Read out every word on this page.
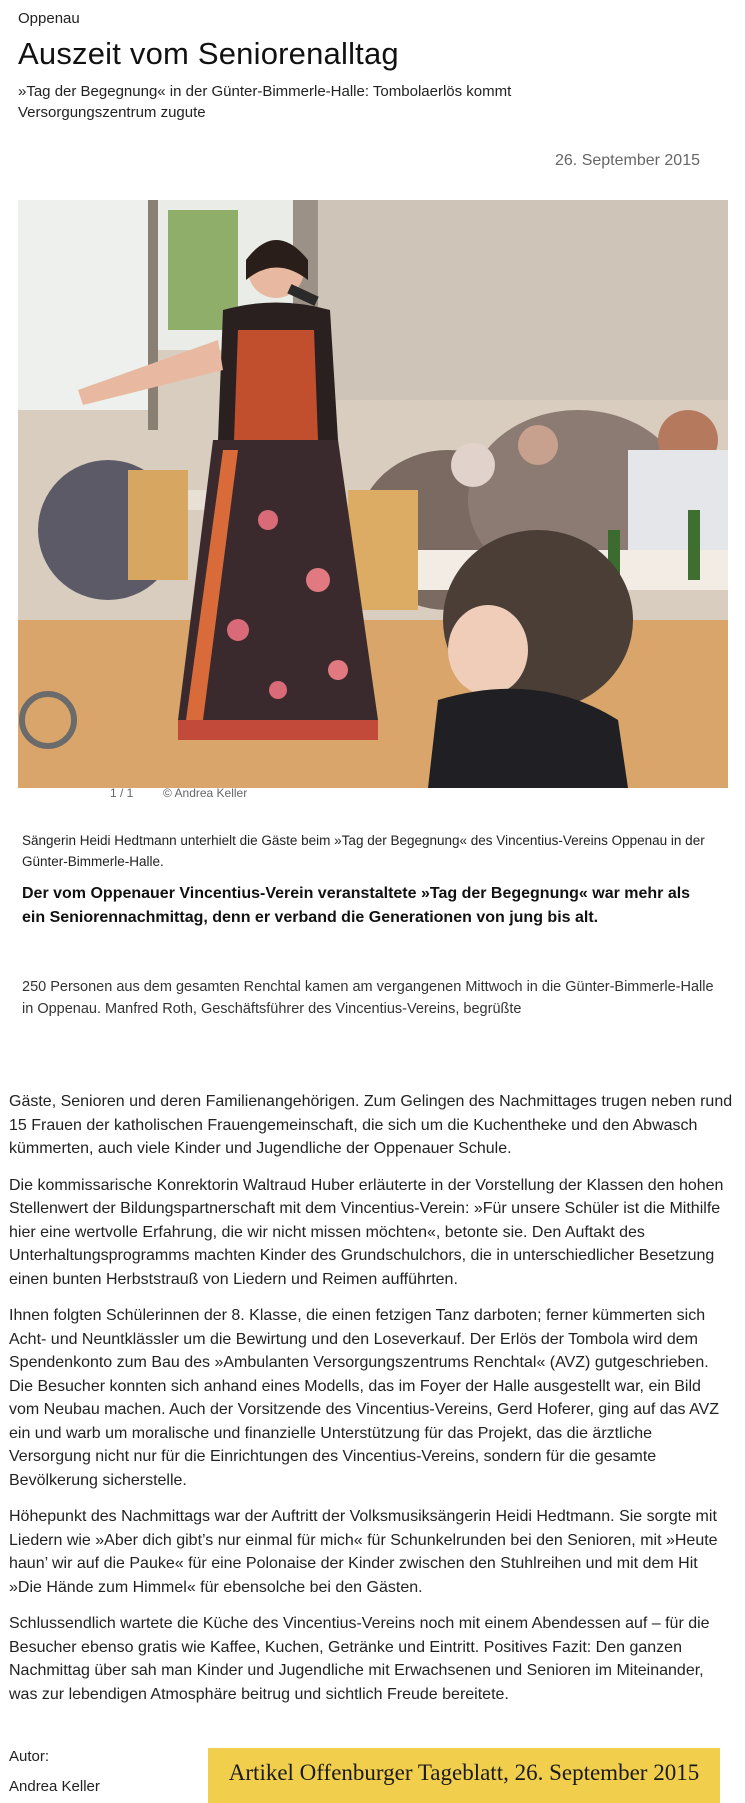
Oppenau
Auszeit vom Seniorenalltag
»Tag der Begegnung« in der Günter-Bimmerle-Halle: Tombolaerlös kommt Versorgungszentrum zugute
26. September 2015
1 / 1 © Andrea Keller
Sängerin Heidi Hedtmann unterhielt die Gäste beim »Tag der Begegnung« des Vincentius-Vereins Oppenau in der Günter-Bimmerle-Halle.
Der vom Oppenauer Vincentius-Verein veranstaltete »Tag der Begegnung« war mehr als ein Seniorennachmittag, denn er verband die Generationen von jung bis alt.
250 Personen aus dem gesamten Renchtal kamen am vergangenen Mittwoch in die Günter-Bimmerle-Halle in Oppenau. Manfred Roth, Geschäftsführer des Vincentius-Vereins, begrüßte

Gäste, Senioren und deren Familienangehörigen. Zum Gelingen des Nachmittages trugen neben rund 15 Frauen der katholischen Frauengemeinschaft, die sich um die Kuchentheke und den Abwasch kümmerten, auch viele Kinder und Jugendliche der Oppenauer Schule.

Die kommissarische Konrektorin Waltraud Huber erläuterte in der Vorstellung der Klassen den hohen Stellenwert der Bildungspartnerschaft mit dem Vincentius-Verein: »Für unsere Schüler ist die Mithilfe hier eine wertvolle Erfahrung, die wir nicht missen möchten«, betonte sie. Den Auftakt des Unterhaltungsprogramms machten Kinder des Grundschulchors, die in unterschiedlicher Besetzung einen bunten Herbststrauß von Liedern und Reimen aufführten.

Ihnen folgten Schülerinnen der 8. Klasse, die einen fetzigen Tanz darboten; ferner kümmerten sich Acht- und Neuntklässler um die Bewirtung und den Loseverkauf. Der Erlös der Tombola wird dem Spendenkonto zum Bau des »Ambulanten Versorgungszentrums Renchtal« (AVZ) gutgeschrieben. Die Besucher konnten sich anhand eines Modells, das im Foyer der Halle ausgestellt war, ein Bild vom Neubau machen. Auch der Vorsitzende des Vincentius-Vereins, Gerd Hoferer, ging auf das AVZ ein und warb um moralische und finanzielle Unterstützung für das Projekt, das die ärztliche Versorgung nicht nur für die Einrichtungen des Vincentius-Vereins, sondern für die gesamte Bevölkerung sicherstelle.

Höhepunkt des Nachmittags war der Auftritt der Volksmusiksängerin Heidi Hedtmann. Sie sorgte mit Liedern wie »Aber dich gibt’s nur einmal für mich« für Schunkelrunden bei den Senioren, mit »Heute haun’ wir auf die Pauke« für eine Polonaise der Kinder zwischen den Stuhlreihen und mit dem Hit »Die Hände zum Himmel« für ebensolche bei den Gästen.

Schlussendlich wartete die Küche des Vincentius-Vereins noch mit einem Abendessen auf – für die Besucher ebenso gratis wie Kaffee, Kuchen, Getränke und Eintritt. Positives Fazit: Den ganzen Nachmittag über sah man Kinder und Jugendliche mit Erwachsenen und Senioren im Miteinander, was zur lebendigen Atmosphäre beitrug und sichtlich Freude bereitete.

Autor:
Andrea Keller
Artikel Offenburger Tageblatt, 26. September 2015
